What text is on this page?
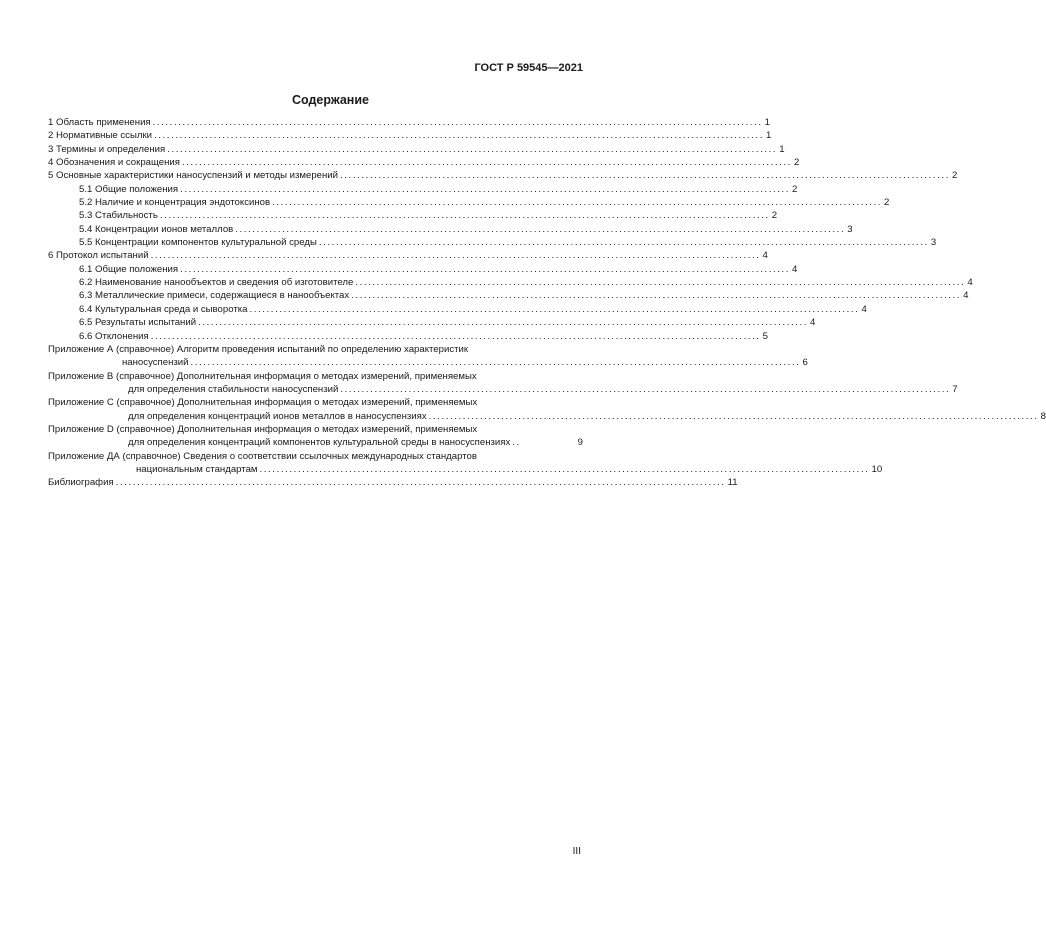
ГОСТ Р 59545—2021
Содержание
1 Область применения ............................................................................................................................................... 1
2 Нормативные ссылки ............................................................................................................................................... 1
3 Термины и определения ............................................................................................................................................... 1
4 Обозначения и сокращения ............................................................................................................................................... 2
5 Основные характеристики наносуспензий и методы измерений ............................................................................................................................................... 2
5.1 Общие положения ............................................................................................................................................... 2
5.2 Наличие и концентрация эндотоксинов ............................................................................................................................................... 2
5.3 Стабильность ............................................................................................................................................... 2
5.4 Концентрации ионов металлов ............................................................................................................................................... 3
5.5 Концентрации компонентов культуральной среды ............................................................................................................................................... 3
6 Протокол испытаний ............................................................................................................................................... 4
6.1 Общие положения ............................................................................................................................................... 4
6.2 Наименование нанообъектов и сведения об изготовителе ............................................................................................................................................... 4
6.3 Металлические примеси, содержащиеся в нанообъектах ............................................................................................................................................... 4
6.4 Культуральная среда и сыворотка ............................................................................................................................................... 4
6.5 Результаты испытаний ............................................................................................................................................... 4
6.6 Отклонения ............................................................................................................................................... 5
Приложение А (справочное) Алгоритм проведения испытаний по определению характеристик
наносуспензий ............................................................................................................................................... 6
Приложение В (справочное) Дополнительная информация о методах измерений, применяемых
для определения стабильности наносуспензий ............................................................................................................................................... 7
Приложение С (справочное) Дополнительная информация о методах измерений, применяемых
для определения концентраций ионов металлов в наносуспензиях ............................................................................................................................................... 8
Приложение D (справочное) Дополнительная информация о методах измерений, применяемых
для определения концентраций компонентов культуральной среды в наносуспензиях ..	9
Приложение ДА (справочное) Сведения о соответствии ссылочных международных стандартов
национальным стандартам ............................................................................................................................................... 10
Библиография ............................................................................................................................................... 11
III
